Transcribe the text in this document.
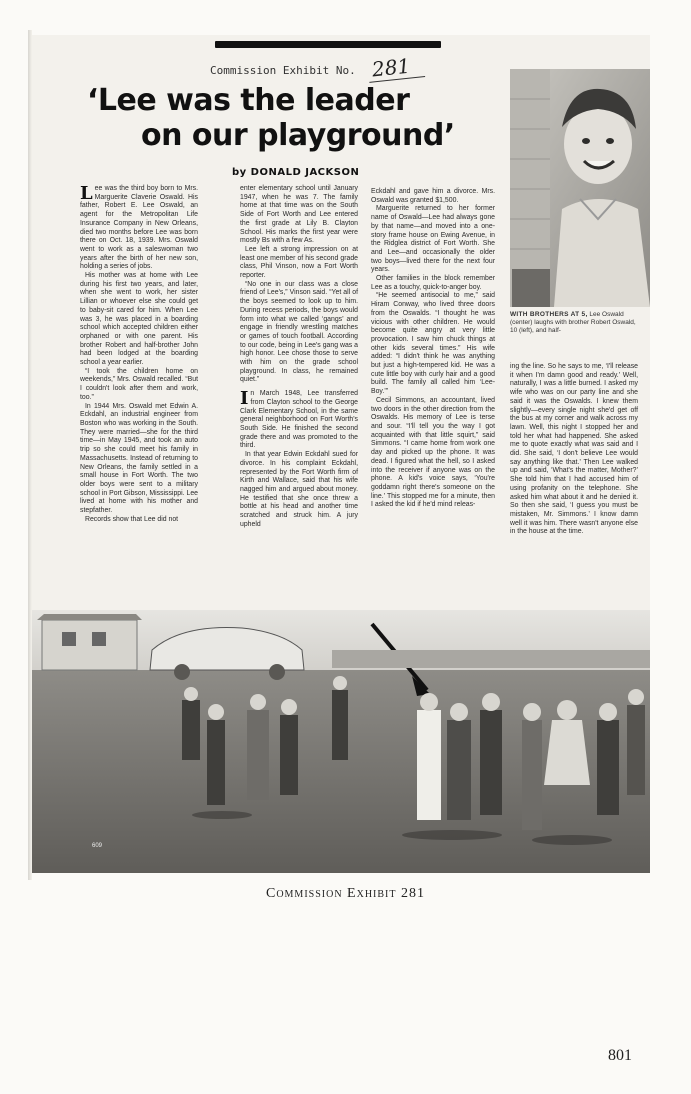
Commission Exhibit No. 281
‘Lee was the leader
on our playground’
by DONALD JACKSON
WITH BROTHERS AT 5, Lee Oswald (center) laughs with brother Robert Oswald, 10 (left), and half-
L ee was the third boy born to Mrs. Marguerite Claverie Oswald. His father, Robert E. Lee Oswald, an agent for the Metropolitan Life Insurance Company in New Orleans, died two months before Lee was born there on Oct. 18, 1939. Mrs. Oswald went to work as a saleswoman two years after the birth of her new son, holding a series of jobs.

His mother was at home with Lee during his first two years, and later, when she went to work, her sister Lillian or whoever else she could get to baby-sit cared for him. When Lee was 3, he was placed in a boarding school which accepted children either orphaned or with one parent. His brother Robert and half-brother John had been lodged at the boarding school a year earlier.

“I took the children home on weekends,” Mrs. Oswald recalled. “But I couldn't look after them and work, too.”

In 1944 Mrs. Oswald met Edwin A. Eckdahl, an industrial engineer from Boston who was working in the South. They were married—she for the third time—in May 1945, and took an auto trip so she could meet his family in Massachusetts. Instead of returning to New Orleans, the family settled in a small house in Fort Worth. The two older boys were sent to a military school in Port Gibson, Mississippi. Lee lived at home with his mother and stepfather.

Records show that Lee did not

enter elementary school until January 1947, when he was 7. The family home at that time was on the South Side of Fort Worth and Lee entered the first grade at Lily B. Clayton School. His marks the first year were mostly Bs with a few As.

Lee left a strong impression on at least one member of his second grade class, Phil Vinson, now a Fort Worth reporter.

“No one in our class was a close friend of Lee's,” Vinson said. “Yet all of the boys seemed to look up to him. During recess periods, the boys would form into what we called ‘gangs’ and engage in friendly wrestling matches or games of touch football. According to our code, being in Lee's gang was a high honor. Lee chose those to serve with him on the grade school playground. In class, he remained quiet.”

I n March 1948, Lee transferred from Clayton school to the George Clark Elementary School, in the same general neighborhood on Fort Worth's South Side. He finished the second grade there and was promoted to the third.

In that year Edwin Eckdahl sued for divorce. In his complaint Eckdahl, represented by the Fort Worth firm of Kirth and Wallace, said that his wife nagged him and argued about money. He testified that she once threw a bottle at his head and another time scratched and struck him. A jury upheld

Eckdahl and gave him a divorce. Mrs. Oswald was granted $1,500.

Marguerite returned to her former name of Oswald—Lee had always gone by that name—and moved into a one-story frame house on Ewing Avenue, in the Ridglea district of Fort Worth. She and Lee—and occasionally the older two boys—lived there for the next four years.

Other families in the block remember Lee as a touchy, quick-to-anger boy.

“He seemed antisocial to me,” said Hiram Conway, who lived three doors from the Oswalds. “I thought he was vicious with other children. He would become quite angry at very little provocation. I saw him chuck things at other kids several times.” His wife added: “I didn't think he was anything but just a high-tempered kid. He was a cute little boy with curly hair and a good build. The family all called him ‘Lee-Boy.’”

Cecil Simmons, an accountant, lived two doors in the other direction from the Oswalds. His memory of Lee is terse and sour. “I'll tell you the way I got acquainted with that little squirt,” said Simmons. “I came home from work one day and picked up the phone. It was dead. I figured what the hell, so I asked into the receiver if anyone was on the phone. A kid's voice says, ‘You're goddamn right there's someone on the line.’ This stopped me for a minute, then I asked the kid if he'd mind releas-

ing the line. So he says to me, ‘I'll release it when I'm damn good and ready.’ Well, naturally, I was a little burned. I asked my wife who was on our party line and she said it was the Oswalds. I knew them slightly—every single night she'd get off the bus at my corner and walk across my lawn. Well, this night I stopped her and told her what had happened. She asked me to quote exactly what was said and I did. She said, ‘I don't believe Lee would say anything like that.’ Then Lee walked up and said, ‘What's the matter, Mother?’ She told him that I had accused him of using profanity on the telephone. She asked him what about it and he denied it. So then she said, ‘I guess you must be mistaken, Mr. Simmons.’ I know damn well it was him. There wasn't anyone else in the house at the time.

609
Commission Exhibit 281
801
